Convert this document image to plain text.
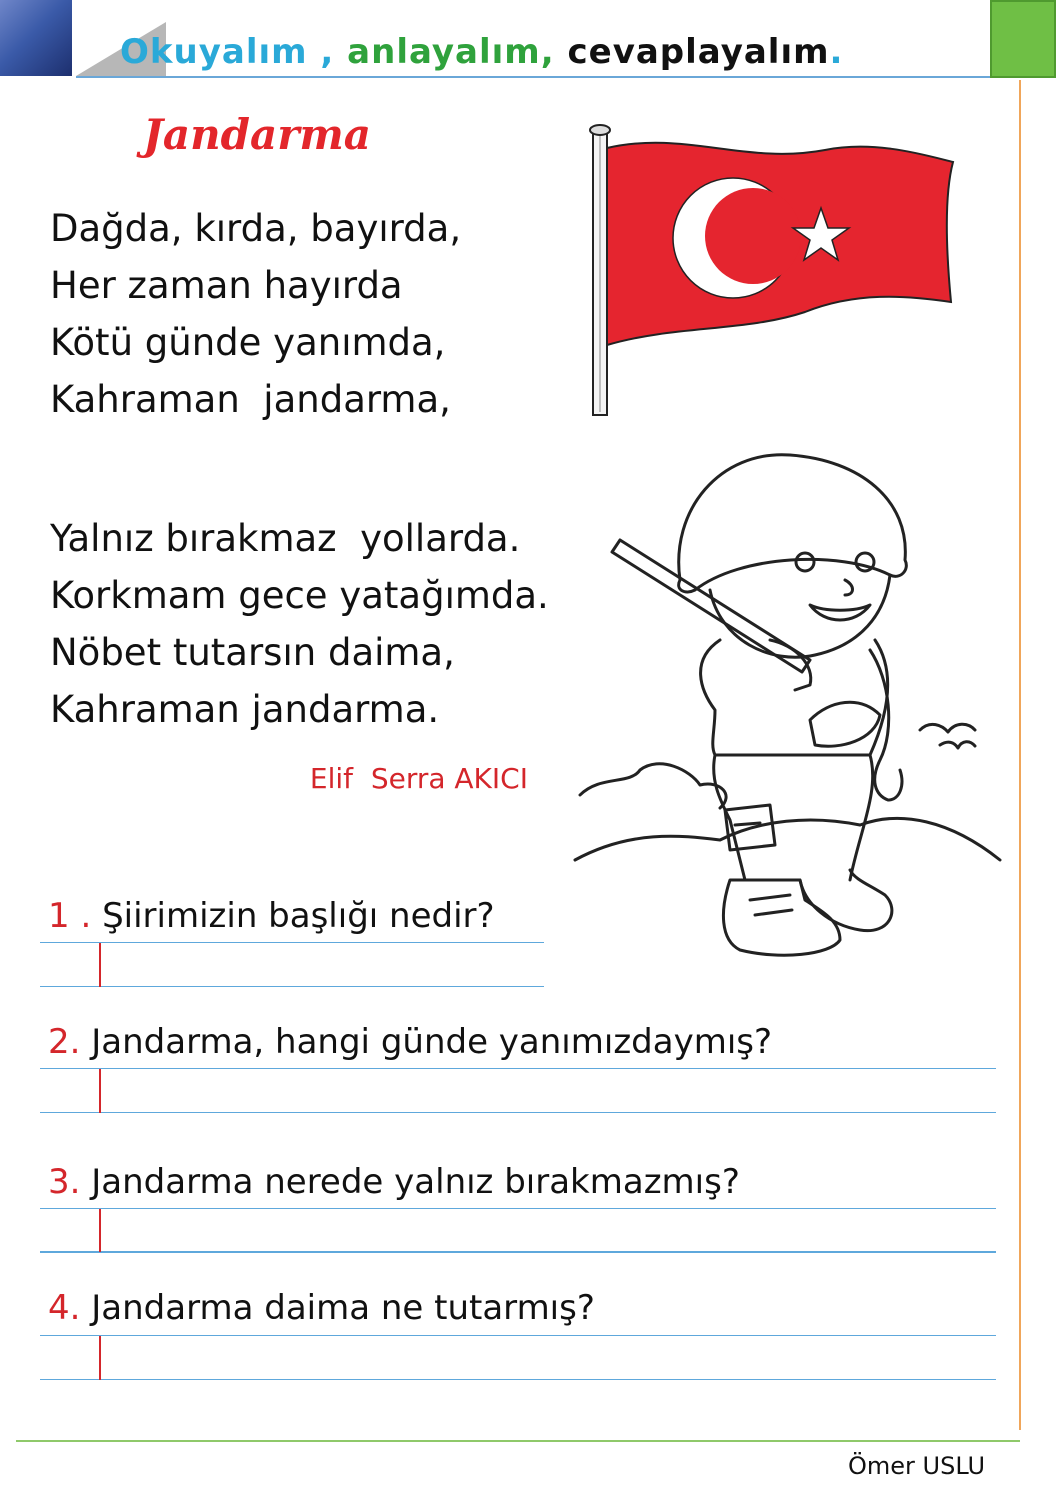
Okuyalım , anlayalım, cevaplayalım.
Jandarma
Dağda, kırda, bayırda,
Her zaman hayırda
Kötü günde yanımda,
Kahraman  jandarma,
Yalnız bırakmaz  yollarda.
Korkmam gece yatağımda.
Nöbet tutarsın daima,
Kahraman jandarma.
Elif  Serra AKICI
1 . Şiirimizin başlığı nedir?
2. Jandarma, hangi günde yanımızdaymış?
3. Jandarma nerede yalnız bırakmazmış?
4. Jandarma daima ne tutarmış?
Ömer USLU
